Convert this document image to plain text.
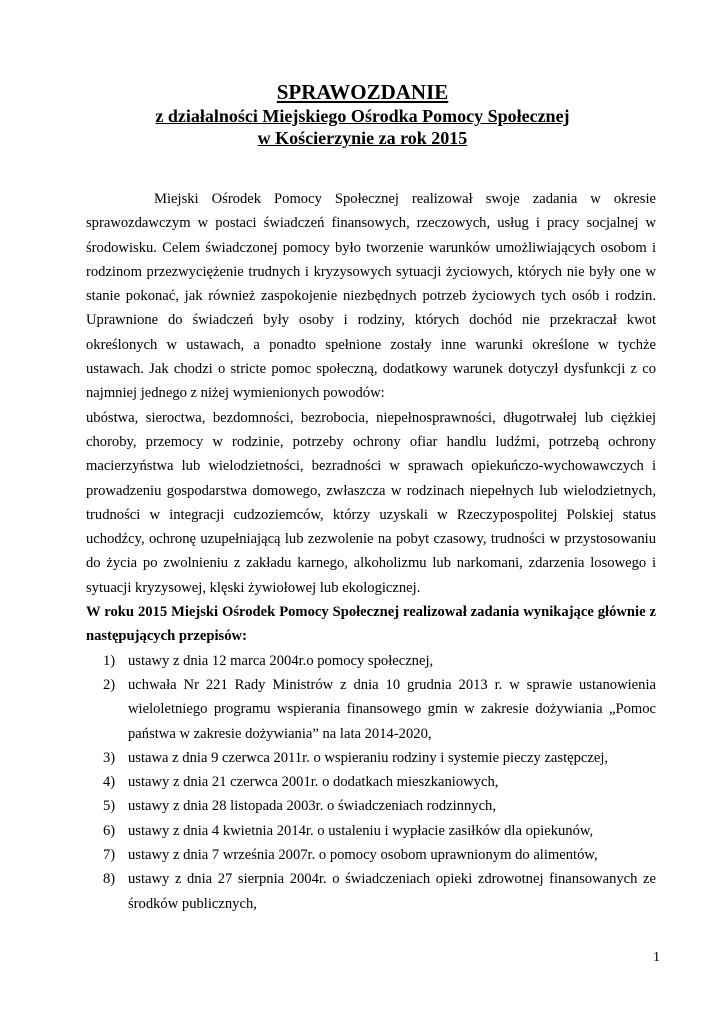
SPRAWOZDANIE
z działalności Miejskiego Ośrodka Pomocy Społecznej
w Kościerzynie za rok 2015

Miejski Ośrodek Pomocy Społecznej realizował swoje zadania w okresie sprawozdawczym w postaci świadczeń finansowych, rzeczowych, usług i pracy socjalnej w środowisku. Celem świadczonej pomocy było tworzenie warunków umożliwiających osobom i rodzinom przezwyciężenie trudnych i kryzysowych sytuacji życiowych, których nie były one w stanie pokonać, jak również zaspokojenie niezbędnych potrzeb życiowych tych osób i rodzin. Uprawnione do świadczeń były osoby i rodziny, których dochód nie przekraczał kwot określonych w ustawach, a ponadto spełnione zostały inne warunki określone w tychże ustawach. Jak chodzi o stricte pomoc społeczną, dodatkowy warunek dotyczył dysfunkcji z co najmniej jednego z niżej wymienionych powodów:

ubóstwa, sieroctwa, bezdomności, bezrobocia, niepełnosprawności, długotrwałej lub ciężkiej choroby, przemocy w rodzinie, potrzeby ochrony ofiar handlu ludźmi, potrzebą ochrony macierzyństwa lub wielodzietności, bezradności w sprawach opiekuńczo-wychowawczych i prowadzeniu gospodarstwa domowego, zwłaszcza w rodzinach niepełnych lub wielodzietnych, trudności w integracji cudzoziemców, którzy uzyskali w Rzeczypospolitej Polskiej status uchodźcy, ochronę uzupełniającą lub zezwolenie na pobyt czasowy, trudności w przystosowaniu do życia po zwolnieniu z zakładu karnego, alkoholizmu lub narkomani, zdarzenia losowego i sytuacji kryzysowej, klęski żywiołowej lub ekologicznej.

W roku 2015 Miejski Ośrodek Pomocy Społecznej realizował zadania wynikające głównie z następujących przepisów:

1) ustawy z dnia 12 marca 2004r.o pomocy społecznej,
2) uchwała Nr 221 Rady Ministrów z dnia 10 grudnia 2013 r. w sprawie ustanowienia wieloletniego programu wspierania finansowego gmin w zakresie dożywiania „Pomoc państwa w zakresie dożywiania” na lata 2014-2020,
3) ustawa z dnia 9 czerwca 2011r. o wspieraniu rodziny i systemie pieczy zastępczej,
4) ustawy z dnia 21 czerwca 2001r. o dodatkach mieszkaniowych,
5) ustawy z dnia 28 listopada 2003r. o świadczeniach rodzinnych,
6) ustawy z dnia 4 kwietnia 2014r. o ustaleniu i wypłacie zasiłków dla opiekunów,
7) ustawy z dnia 7 września 2007r. o pomocy osobom uprawnionym do alimentów,
8) ustawy z dnia 27 sierpnia 2004r. o świadczeniach opieki zdrowotnej finansowanych ze środków publicznych,
1
